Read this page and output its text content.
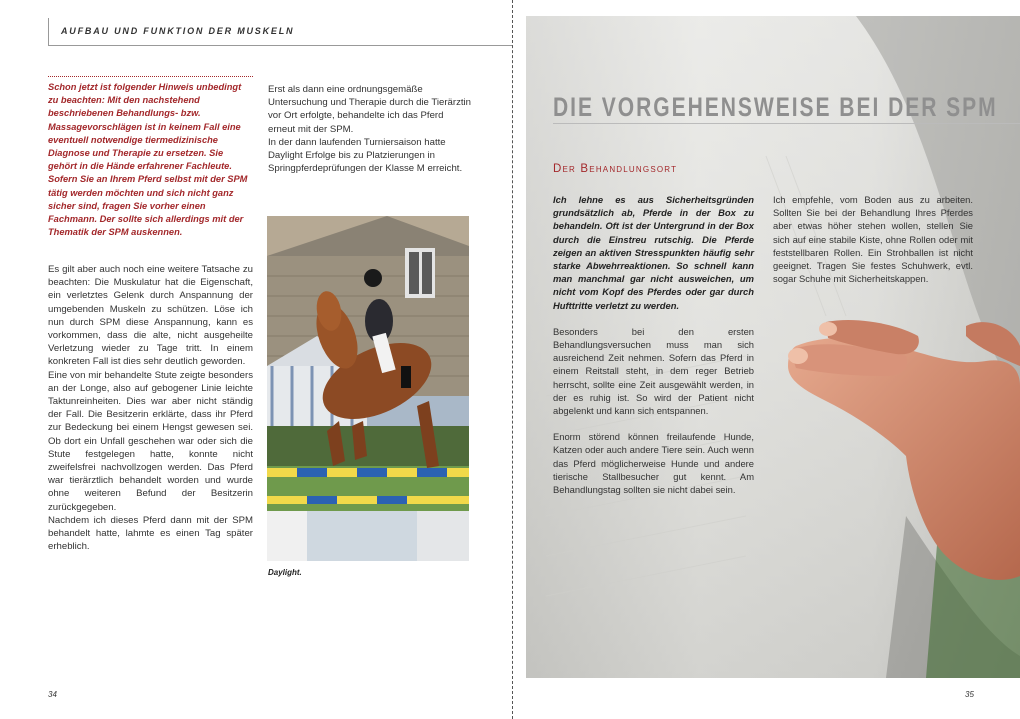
AUFBAU UND FUNKTION DER MUSKELN
Schon jetzt ist folgender Hinweis unbedingt zu beachten: Mit den nachstehend beschriebenen Behandlungs- bzw. Massagevorschlägen ist in keinem Fall eine eventuell notwendige tiermedizinische Diagnose und Therapie zu ersetzen. Sie gehört in die Hände erfahrener Fachleute. Sofern Sie an Ihrem Pferd selbst mit der SPM tätig werden möchten und sich nicht ganz sicher sind, fragen Sie vorher einen Fachmann. Der sollte sich allerdings mit der Thematik der SPM auskennen.

Es gilt aber auch noch eine weitere Tatsache zu beachten: Die Muskulatur hat die Eigenschaft, ein verletztes Gelenk durch Anspannung der umgebenden Muskeln zu schützen. Löse ich nun durch SPM diese Anspannung, kann es vorkommen, dass die alte, nicht ausgeheilte Verletzung wieder zu Tage tritt. In einem konkreten Fall ist dies sehr deutlich geworden.

Eine von mir behandelte Stute zeigte besonders an der Longe, also auf gebogener Linie leichte Taktunreinheiten. Dies war aber nicht ständig der Fall. Die Besitzerin erklärte, dass ihr Pferd zur Bedeckung bei einem Hengst gewesen sei. Ob dort ein Unfall geschehen war oder sich die Stute festgelegen hatte, konnte nicht zweifelsfrei nachvollzogen werden. Das Pferd war tierärztlich behandelt worden und wurde ohne weiteren Befund der Besitzerin zurückgegeben.

Nachdem ich dieses Pferd dann mit der SPM behandelt hatte, lahmte es einen Tag später erheblich.

Erst als dann eine ordnungsgemäße Untersuchung und Therapie durch die Tierärztin vor Ort erfolgte, behandelte ich das Pferd erneut mit der SPM.

In der dann laufenden Turniersaison hatte Daylight Erfolge bis zu Platzierungen in Springpferdeprüfungen der Klasse M erreicht.

Daylight.
34
DIE VORGEHENSWEISE BEI DER SPM
Der Behandlungsort

Ich lehne es aus Sicherheitsgründen grundsätzlich ab, Pferde in der Box zu behandeln. Oft ist der Untergrund in der Box durch die Einstreu rutschig. Die Pferde zeigen an aktiven Stresspunkten häufig sehr starke Abwehrreaktionen. So schnell kann man manchmal gar nicht ausweichen, um nicht vom Kopf des Pferdes oder gar durch Hufttritte verletzt zu werden.

Besonders bei den ersten Behandlungsversuchen muss man sich ausreichend Zeit nehmen. Sofern das Pferd in einem Reitstall steht, in dem reger Betrieb herrscht, sollte eine Zeit ausgewählt werden, in der es ruhig ist. So wird der Patient nicht abgelenkt und kann sich entspannen.

Enorm störend können freilaufende Hunde, Katzen oder auch andere Tiere sein. Auch wenn das Pferd möglicherweise Hunde und andere tierische Stallbesucher gut kennt. Am Behandlungstag sollten sie nicht dabei sein.

Ich empfehle, vom Boden aus zu arbeiten. Sollten Sie bei der Behandlung Ihres Pferdes aber etwas höher stehen wollen, stellen Sie sich auf eine stabile Kiste, ohne Rollen oder mit feststellbaren Rollen. Ein Strohballen ist nicht geeignet. Tragen Sie festes Schuhwerk, evtl. sogar Schuhe mit Sicherheitskappen.

35
